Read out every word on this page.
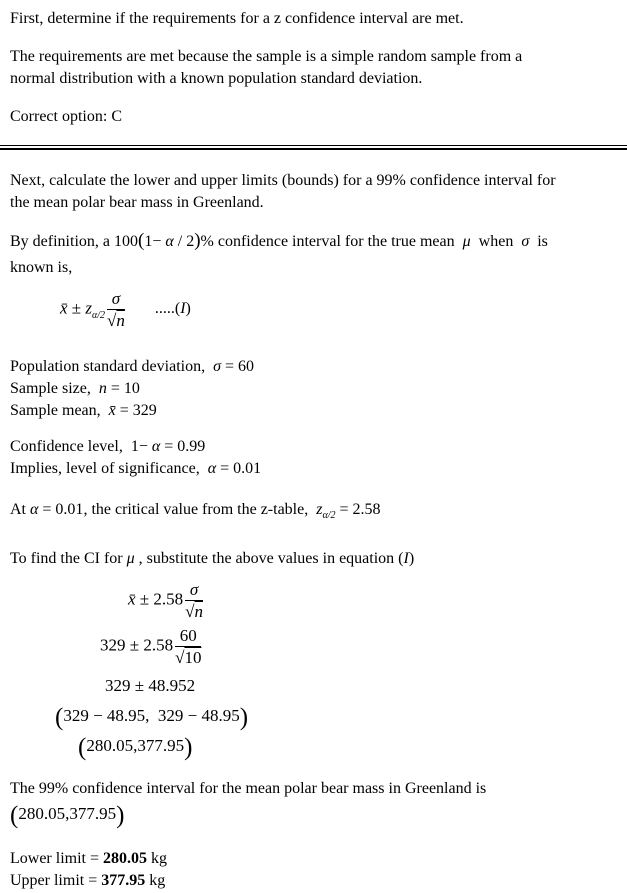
First, determine if the requirements for a z confidence interval are met.
The requirements are met because the sample is a simple random sample from a
normal distribution with a known population standard deviation.
Correct option: C
Next, calculate the lower and upper limits (bounds) for a 99% confidence interval for
the mean polar bear mass in Greenland.
By definition, a 100(1− α / 2)% confidence interval for the true mean  μ  when  σ  is
known is,
x̄ ± $z_{\alpha/2} \frac{\sigma}{√n} .....(I)$
Population standard deviation,  σ = 60
Sample size,  n = 10
Sample mean,  x̄ = 329
Confidence level,  1− α = 0.99
Implies, level of significance,  α = 0.01
At α = 0.01, the critical value from the z-table,  $z_{\alpha/2} = 2.58$
To find the CI for μ , substitute the above values in equation (I)
x̄ ± $2.58 \frac{\sigma}{√n}$
$329 \pm 2.58 \frac{60}{√10}$
329 ± 48.952
(329 − 48.95,  329 − 48.95)
(280.05,377.95)
The 99% confidence interval for the mean polar bear mass in Greenland is
(280.05,377.95)
Lower limit = 280.05 kg
Upper limit = 377.95 kg
